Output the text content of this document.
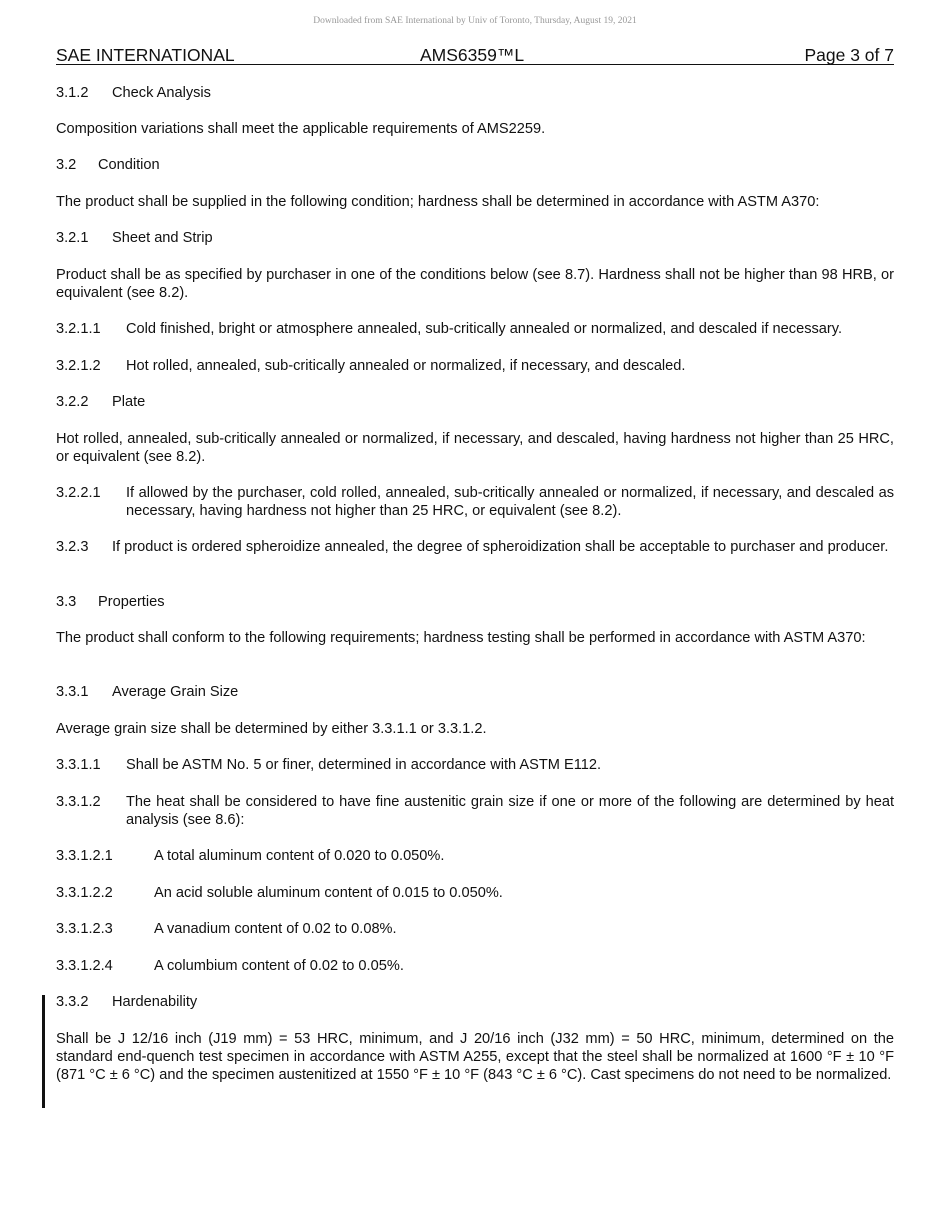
Downloaded from SAE International by Univ of Toronto, Thursday, August 19, 2021
SAE INTERNATIONAL	AMS6359™L	Page 3 of 7
3.1.2	Check Analysis
Composition variations shall meet the applicable requirements of AMS2259.
3.2	Condition
The product shall be supplied in the following condition; hardness shall be determined in accordance with ASTM A370:
3.2.1	Sheet and Strip
Product shall be as specified by purchaser in one of the conditions below (see 8.7). Hardness shall not be higher than 98 HRB, or equivalent (see 8.2).
3.2.1.1	Cold finished, bright or atmosphere annealed, sub-critically annealed or normalized, and descaled if necessary.
3.2.1.2	Hot rolled, annealed, sub-critically annealed or normalized, if necessary, and descaled.
3.2.2	Plate
Hot rolled, annealed, sub-critically annealed or normalized, if necessary, and descaled, having hardness not higher than 25 HRC, or equivalent (see 8.2).
3.2.2.1	If allowed by the purchaser, cold rolled, annealed, sub-critically annealed or normalized, if necessary, and descaled as necessary, having hardness not higher than 25 HRC, or equivalent (see 8.2).
3.2.3	If product is ordered spheroidize annealed, the degree of spheroidization shall be acceptable to purchaser and producer.
3.3	Properties
The product shall conform to the following requirements; hardness testing shall be performed in accordance with ASTM A370:
3.3.1	Average Grain Size
Average grain size shall be determined by either 3.3.1.1 or 3.3.1.2.
3.3.1.1	Shall be ASTM No. 5 or finer, determined in accordance with ASTM E112.
3.3.1.2	The heat shall be considered to have fine austenitic grain size if one or more of the following are determined by heat analysis (see 8.6):
3.3.1.2.1	A total aluminum content of 0.020 to 0.050%.
3.3.1.2.2	An acid soluble aluminum content of 0.015 to 0.050%.
3.3.1.2.3	A vanadium content of 0.02 to 0.08%.
3.3.1.2.4	A columbium content of 0.02 to 0.05%.
3.3.2	Hardenability
Shall be J 12/16 inch (J19 mm) = 53 HRC, minimum, and J 20/16 inch (J32 mm) = 50 HRC, minimum, determined on the standard end-quench test specimen in accordance with ASTM A255, except that the steel shall be normalized at 1600 °F ± 10 °F (871 °C ± 6 °C) and the specimen austenitized at 1550 °F ± 10 °F (843 °C ± 6 °C). Cast specimens do not need to be normalized.
